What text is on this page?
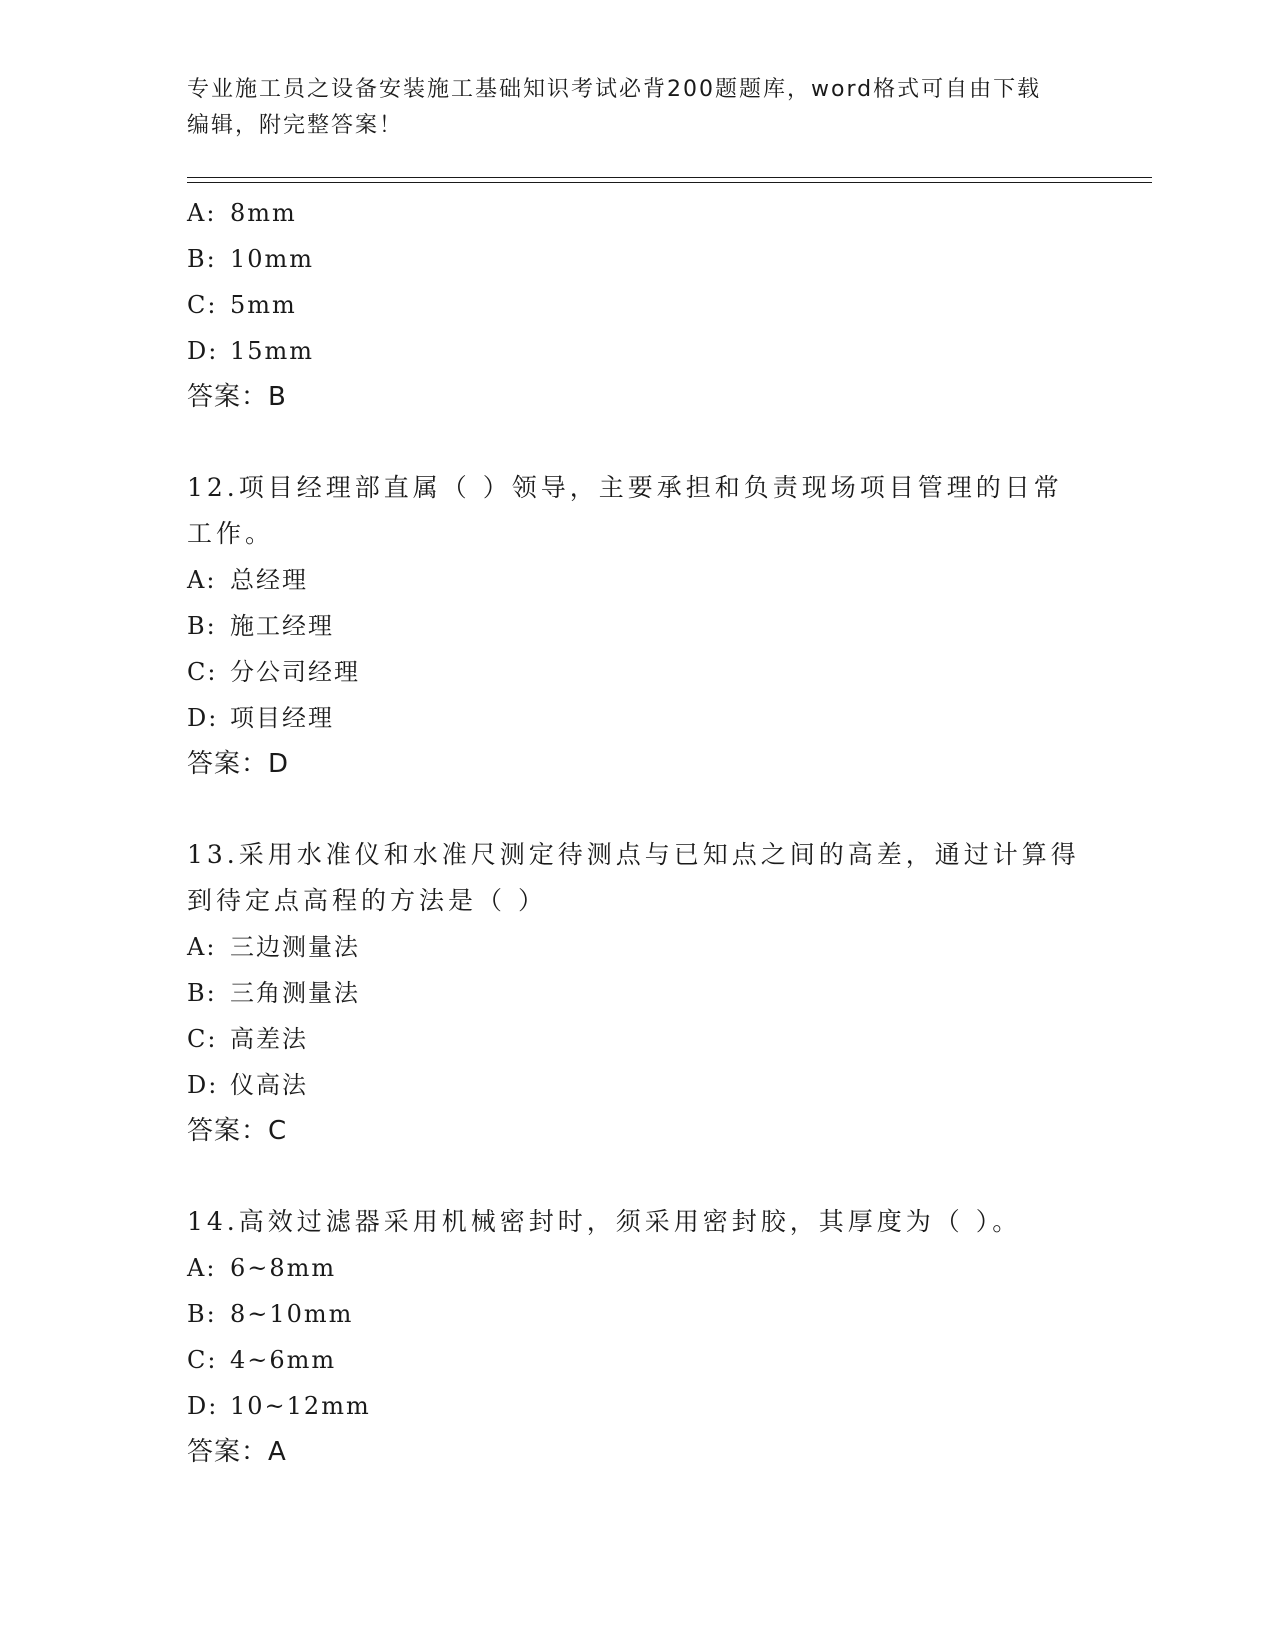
专业施工员之设备安装施工基础知识考试必背200题题库，word格式可自由下载
编辑，附完整答案！
A: 8mm
B: 10mm
C: 5mm
D: 15mm
答案：B
12.项目经理部直属（ ）领导，主要承担和负责现场项目管理的日常
工作。
A: 总经理
B: 施工经理
C: 分公司经理
D: 项目经理
答案：D
13.采用水准仪和水准尺测定待测点与已知点之间的高差，通过计算得
到待定点高程的方法是（ ）
A: 三边测量法
B: 三角测量法
C: 高差法
D: 仪高法
答案：C
14.高效过滤器采用机械密封时，须采用密封胶，其厚度为（ ）。
A: 6~8mm
B: 8~10mm
C: 4~6mm
D: 10~12mm
答案：A
